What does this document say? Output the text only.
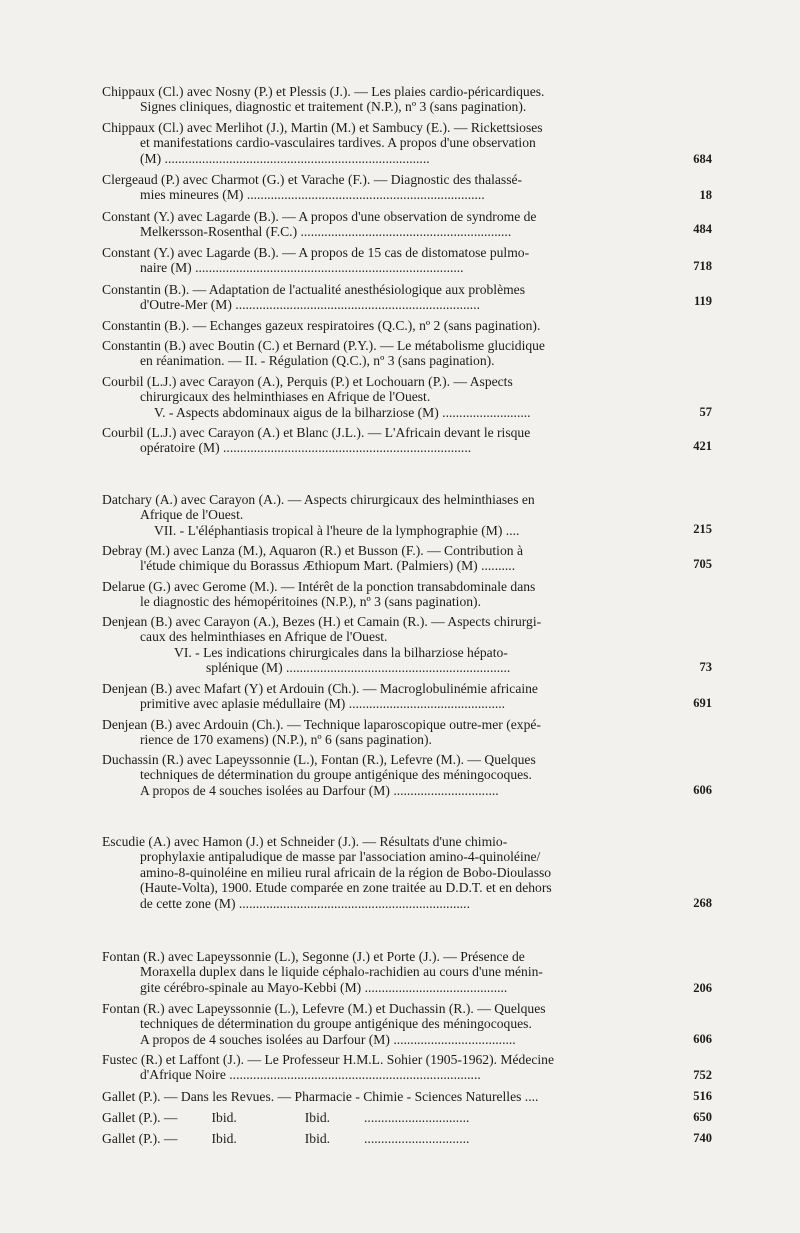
Chippaux (Cl.) avec Nosny (P.) et Plessis (J.). — Les plaies cardio-péricardiques.
Signes cliniques, diagnostic et traitement (N.P.), nº 3 (sans pagination).
Chippaux (Cl.) avec Merlihot (J.), Martin (M.) et Sambucy (E.). — Rickettsioses
et manifestations cardio-vasculaires tardives. A propos d'une observation
(M) ..............................................................................	684
Clergeaud (P.) avec Charmot (G.) et Varache (F.). — Diagnostic des thalassé-
mies mineures (M) ......................................................................	18
Constant (Y.) avec Lagarde (B.). — A propos d'une observation de syndrome de
Melkersson-Rosenthal (F.C.) ..............................................................	484
Constant (Y.) avec Lagarde (B.). — A propos de 15 cas de distomatose pulmo-
naire (M) ...............................................................................	718
Constantin (B.). — Adaptation de l'actualité anesthésiologique aux problèmes
d'Outre-Mer (M) ........................................................................	119
Constantin (B.). — Echanges gazeux respiratoires (Q.C.), nº 2 (sans pagination).
Constantin (B.) avec Boutin (C.) et Bernard (P.Y.). — Le métabolisme glucidique
en réanimation. — II. - Régulation (Q.C.), nº 3 (sans pagination).
Courbil (L.J.) avec Carayon (A.), Perquis (P.) et Lochouarn (P.). — Aspects
chirurgicaux des helminthiases en Afrique de l'Ouest.
V. - Aspects abdominaux aigus de la bilharziose (M) ..........................	57
Courbil (L.J.) avec Carayon (A.) et Blanc (J.L.). — L'Africain devant le risque
opératoire (M) .........................................................................	421
Datchary (A.) avec Carayon (A.). — Aspects chirurgicaux des helminthiases en
Afrique de l'Ouest.
VII. - L'éléphantiasis tropical à l'heure de la lymphographie (M) ....	215
Debray (M.) avec Lanza (M.), Aquaron (R.) et Busson (F.). — Contribution à
l'étude chimique du Borassus Æthiopum Mart. (Palmiers) (M) ..........	705
Delarue (G.) avec Gerome (M.). — Intérêt de la ponction transabdominale dans
le diagnostic des hémopéritoines (N.P.), nº 3 (sans pagination).
Denjean (B.) avec Carayon (A.), Bezes (H.) et Camain (R.). — Aspects chirurgi-
caux des helminthiases en Afrique de l'Ouest.
VI. - Les indications chirurgicales dans la bilharziose hépato-
splénique (M) ..................................................................	73
Denjean (B.) avec Mafart (Y) et Ardouin (Ch.). — Macroglobulinémie africaine
primitive avec aplasie médullaire (M) ..............................................	691
Denjean (B.) avec Ardouin (Ch.). — Technique laparoscopique outre-mer (expé-
rience de 170 examens) (N.P.), nº 6 (sans pagination).
Duchassin (R.) avec Lapeyssonnie (L.), Fontan (R.), Lefevre (M.). — Quelques
techniques de détermination du groupe antigénique des méningocoques.
A propos de 4 souches isolées au Darfour (M) ...............................	606
Escudie (A.) avec Hamon (J.) et Schneider (J.). — Résultats d'une chimio-
prophylaxie antipaludique de masse par l'association amino-4-quinoléine/
amino-8-quinoléine en milieu rural africain de la région de Bobo-Dioulasso
(Haute-Volta), 1900. Etude comparée en zone traitée au D.D.T. et en dehors
de cette zone (M) ....................................................................	268
Fontan (R.) avec Lapeyssonnie (L.), Segonne (J.) et Porte (J.). — Présence de
Moraxella duplex dans le liquide céphalo-rachidien au cours d'une ménin-
gite cérébro-spinale au Mayo-Kebbi (M) ..........................................	206
Fontan (R.) avec Lapeyssonnie (L.), Lefevre (M.) et Duchassin (R.). — Quelques
techniques de détermination du groupe antigénique des méningocoques.
A propos de 4 souches isolées au Darfour (M) ....................................	606
Fustec (R.) et Laffont (J.). — Le Professeur H.M.L. Sohier (1905-1962). Médecine
d'Afrique Noire ..........................................................................	752
Gallet (P.). — Dans les Revues. — Pharmacie - Chimie - Sciences Naturelles ....	516
Gallet (P.). —          Ibid.                    Ibid.          ...............................	650
Gallet (P.). —          Ibid.                    Ibid.          ...............................	740
